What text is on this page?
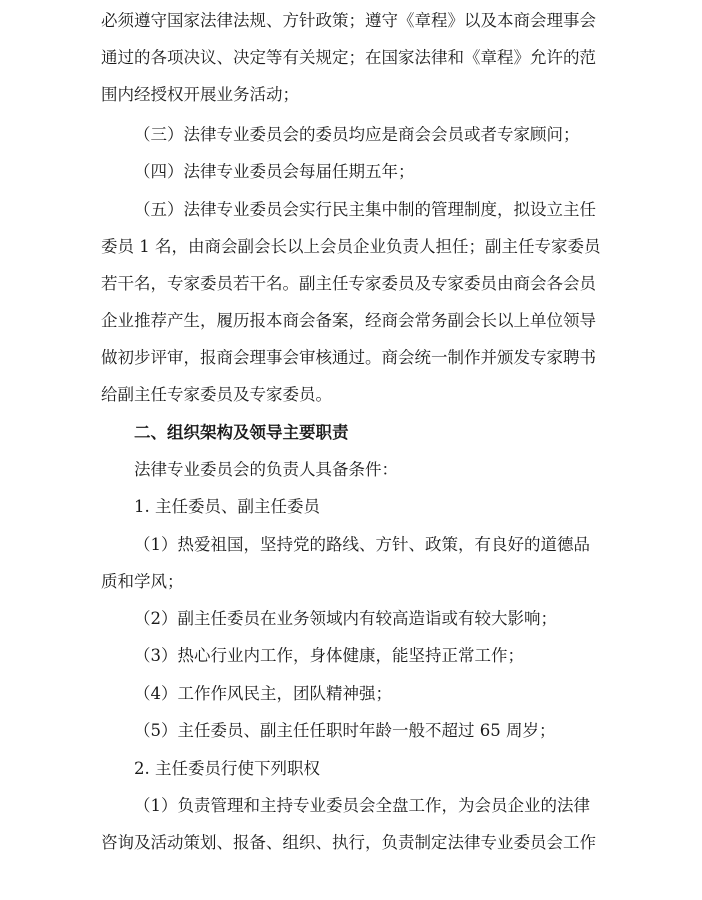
必须遵守国家法律法规、方针政策；遵守《章程》以及本商会理事会

通过的各项决议、决定等有关规定；在国家法律和《章程》允许的范

围内经授权开展业务活动；

（三）法律专业委员会的委员均应是商会会员或者专家顾问；

（四）法律专业委员会每届任期五年；

（五）法律专业委员会实行民主集中制的管理制度，拟设立主任

委员 1 名，由商会副会长以上会员企业负责人担任；副主任专家委员

若干名，专家委员若干名。副主任专家委员及专家委员由商会各会员

企业推荐产生，履历报本商会备案，经商会常务副会长以上单位领导

做初步评审，报商会理事会审核通过。商会统一制作并颁发专家聘书

给副主任专家委员及专家委员。

二、组织架构及领导主要职责

法律专业委员会的负责人具备条件：

1. 主任委员、副主任委员

（1）热爱祖国，坚持党的路线、方针、政策，有良好的道德品

质和学风；

（2）副主任委员在业务领域内有较高造诣或有较大影响；

（3）热心行业内工作，身体健康，能坚持正常工作；

（4）工作作风民主，团队精神强；

（5）主任委员、副主任任职时年龄一般不超过 65 周岁；

2. 主任委员行使下列职权

（1）负责管理和主持专业委员会全盘工作，为会员企业的法律

咨询及活动策划、报备、组织、执行，负责制定法律专业委员会工作
